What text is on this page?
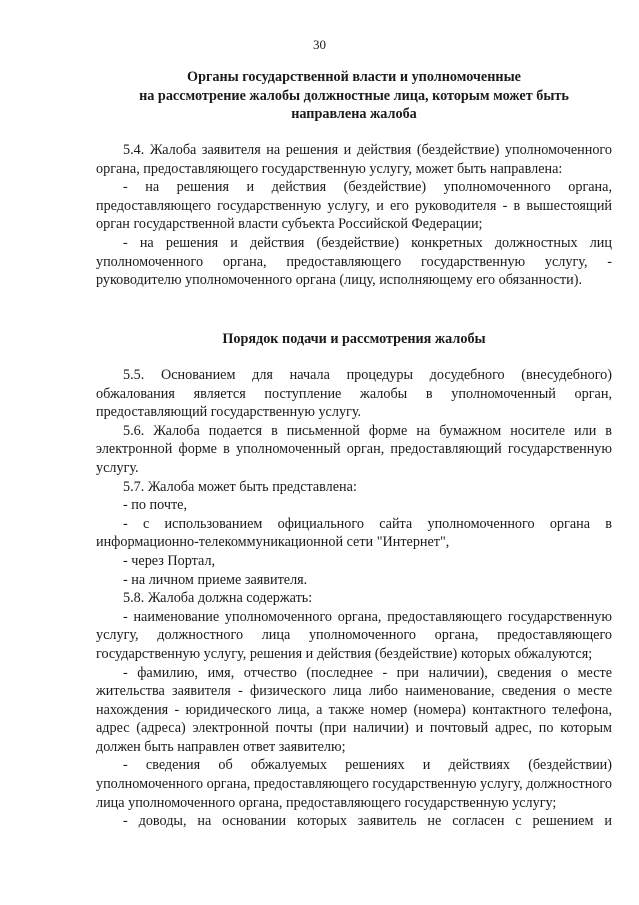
30
Органы государственной власти и уполномоченные
на рассмотрение жалобы должностные лица, которым может быть
направлена жалоба

5.4. Жалоба заявителя на решения и действия (бездействие) уполномоченного органа, предоставляющего государственную услугу, может быть направлена:

- на решения и действия (бездействие) уполномоченного органа, предоставляющего государственную услугу, и его руководителя - в вышестоящий орган государственной власти субъекта Российской Федерации;

- на решения и действия (бездействие) конкретных должностных лиц уполномоченного органа, предоставляющего государственную услугу, - руководителю уполномоченного органа (лицу, исполняющему его обязанности).

Порядок подачи и рассмотрения жалобы

5.5. Основанием для начала процедуры досудебного (внесудебного) обжалования является поступление жалобы в уполномоченный орган, предоставляющий государственную услугу.

5.6. Жалоба подается в письменной форме на бумажном носителе или в электронной форме в уполномоченный орган, предоставляющий государственную услугу.

5.7. Жалоба может быть представлена:

- по почте,

- с использованием официального сайта уполномоченного органа в информационно-телекоммуникационной сети "Интернет",

- через Портал,

- на личном приеме заявителя.

5.8. Жалоба должна содержать:

- наименование уполномоченного органа, предоставляющего государственную услугу, должностного лица уполномоченного органа, предоставляющего государственную услугу, решения и действия (бездействие) которых обжалуются;

- фамилию, имя, отчество (последнее - при наличии), сведения о месте жительства заявителя - физического лица либо наименование, сведения о месте нахождения - юридического лица, а также номер (номера) контактного телефона, адрес (адреса) электронной почты (при наличии) и почтовый адрес, по которым должен быть направлен ответ заявителю;

- сведения об обжалуемых решениях и действиях (бездействии) уполномоченного органа, предоставляющего государственную услугу, должностного лица уполномоченного органа, предоставляющего государственную услугу;

- доводы, на основании которых заявитель не согласен с решением и
